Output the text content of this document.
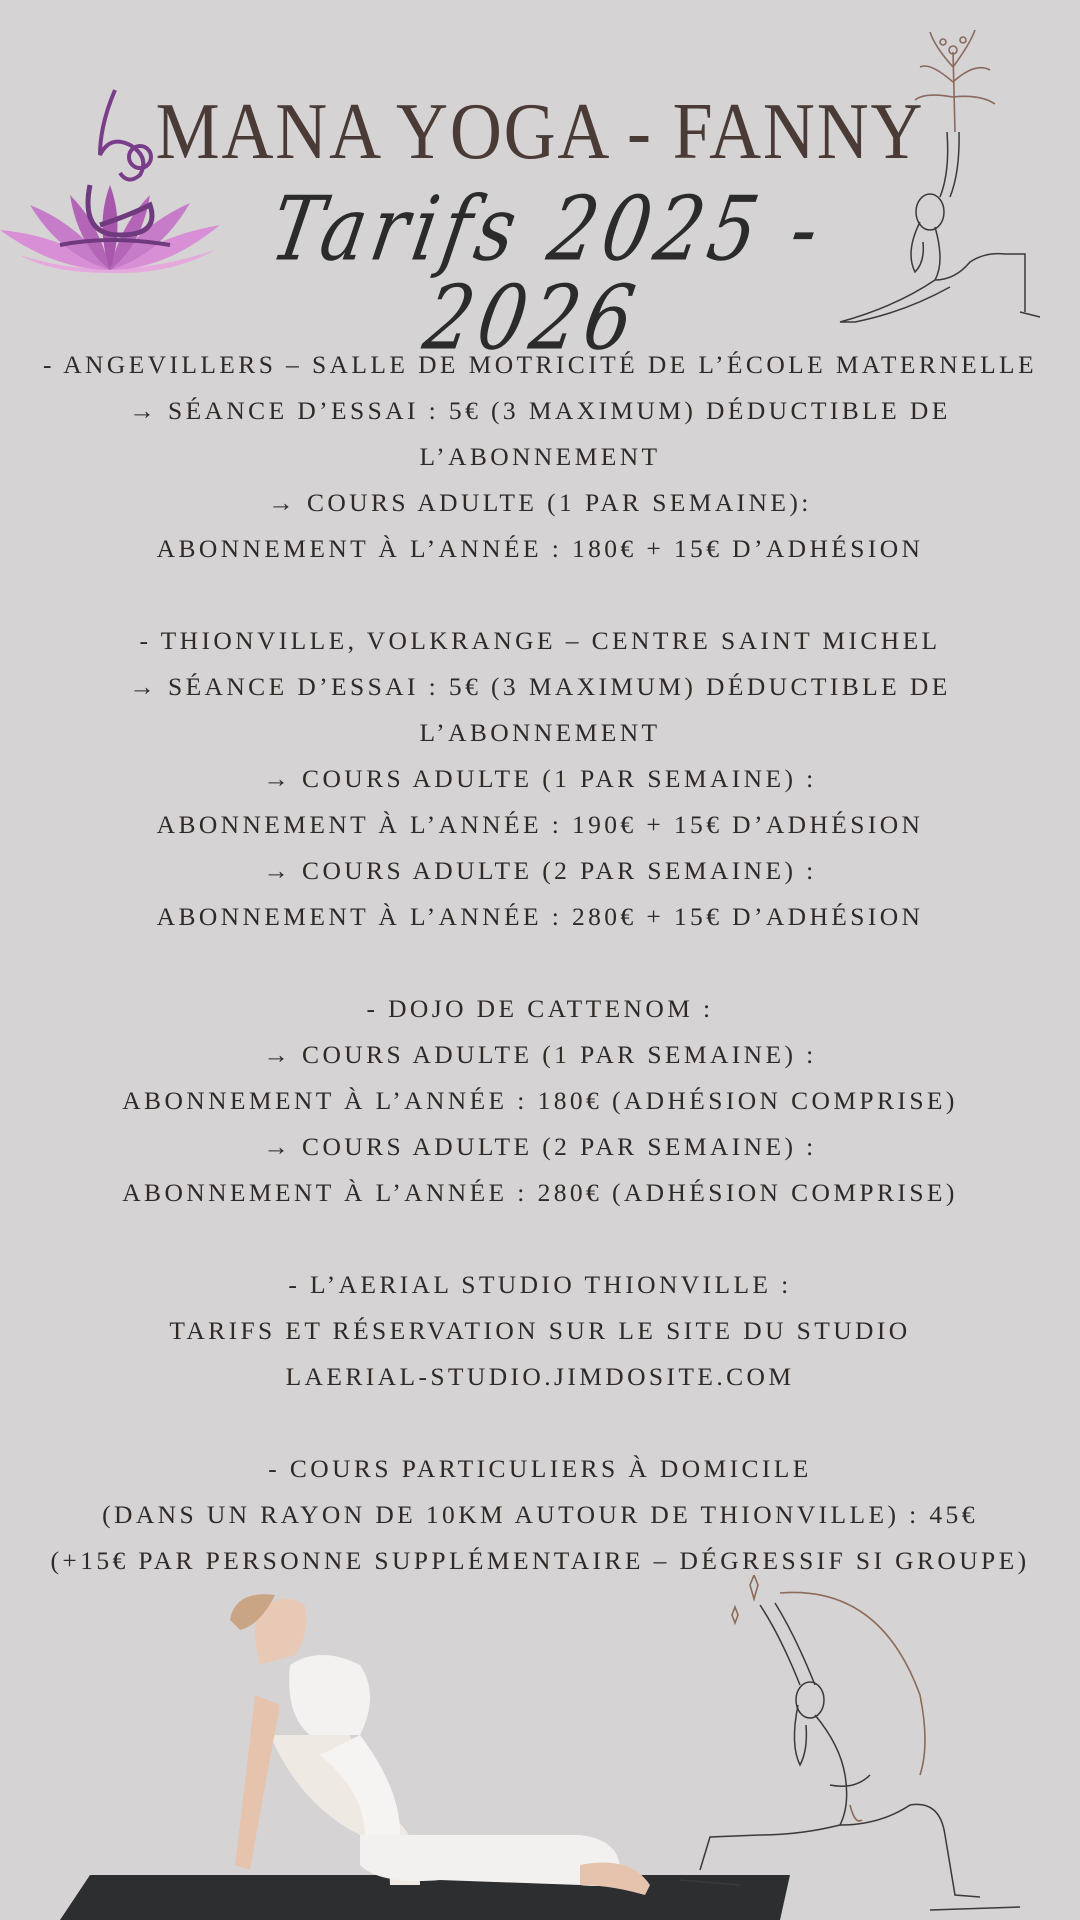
MANA YOGA - FANNY
Tarifs 2025 - 2026
- ANGEVILLERS – SALLE DE MOTRICITÉ DE L’ÉCOLE MATERNELLE
→ SÉANCE D’ESSAI : 5€ (3 MAXIMUM) DÉDUCTIBLE DE
L’ABONNEMENT
→ COURS ADULTE (1 PAR SEMAINE):
ABONNEMENT À L’ANNÉE : 180€ + 15€ D’ADHÉSION
- THIONVILLE, VOLKRANGE – CENTRE SAINT MICHEL
→ SÉANCE D’ESSAI : 5€ (3 MAXIMUM) DÉDUCTIBLE DE
L’ABONNEMENT
→ COURS ADULTE (1 PAR SEMAINE) :
ABONNEMENT À L’ANNÉE : 190€ + 15€ D’ADHÉSION
→ COURS ADULTE (2 PAR SEMAINE) :
ABONNEMENT À L’ANNÉE : 280€ + 15€ D’ADHÉSION
- DOJO DE CATTENOM :
→ COURS ADULTE (1 PAR SEMAINE) :
ABONNEMENT À L’ANNÉE : 180€ (ADHÉSION COMPRISE)
→ COURS ADULTE (2 PAR SEMAINE) :
ABONNEMENT À L’ANNÉE : 280€ (ADHÉSION COMPRISE)
- L’AERIAL STUDIO THIONVILLE :
TARIFS ET RÉSERVATION SUR LE SITE DU STUDIO
LAERIAL-STUDIO.JIMDOSITE.COM
- COURS PARTICULIERS À DOMICILE
(DANS UN RAYON DE 10KM AUTOUR DE THIONVILLE) : 45€
(+15€ PAR PERSONNE SUPPLÉMENTAIRE – DÉGRESSIF SI GROUPE)
